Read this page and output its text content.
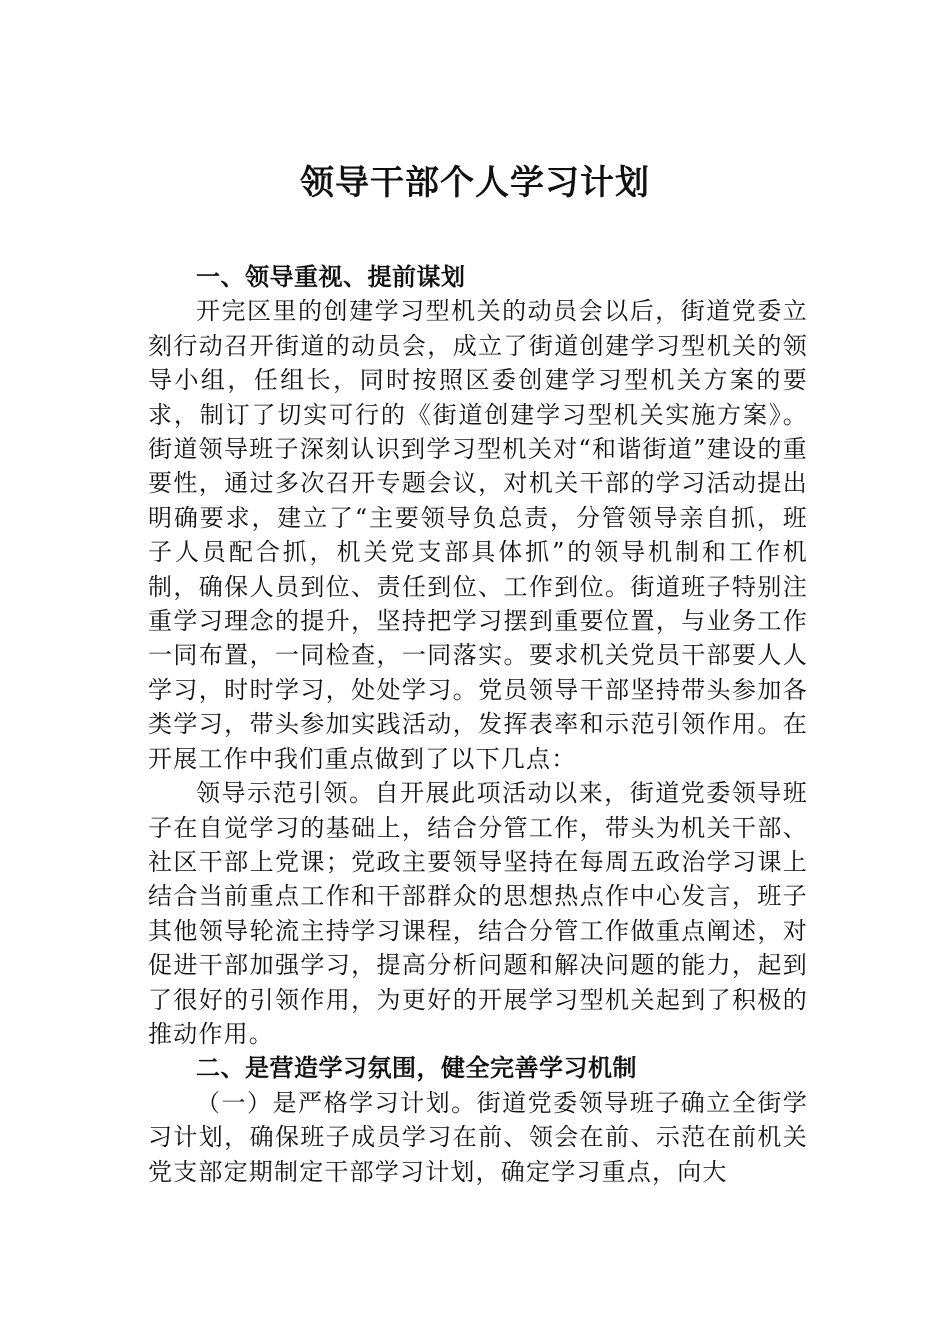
领导干部个人学习计划
一、领导重视、提前谋划

开完区里的创建学习型机关的动员会以后，街道党委立刻行动召开街道的动员会，成立了街道创建学习型机关的领导小组，任组长，同时按照区委创建学习型机关方案的要求，制订了切实可行的《街道创建学习型机关实施方案》。街道领导班子深刻认识到学习型机关对“和谐街道”建设的重要性，通过多次召开专题会议，对机关干部的学习活动提出明确要求，建立了“主要领导负总责，分管领导亲自抓，班子人员配合抓，机关党支部具体抓”的领导机制和工作机制，确保人员到位、责任到位、工作到位。街道班子特别注重学习理念的提升，坚持把学习摆到重要位置，与业务工作一同布置，一同检查，一同落实。要求机关党员干部要人人学习，时时学习，处处学习。党员领导干部坚持带头参加各类学习，带头参加实践活动，发挥表率和示范引领作用。在开展工作中我们重点做到了以下几点：

领导示范引领。自开展此项活动以来，街道党委领导班子在自觉学习的基础上，结合分管工作，带头为机关干部、社区干部上党课；党政主要领导坚持在每周五政治学习课上结合当前重点工作和干部群众的思想热点作中心发言，班子其他领导轮流主持学习课程，结合分管工作做重点阐述，对促进干部加强学习，提高分析问题和解决问题的能力，起到了很好的引领作用，为更好的开展学习型机关起到了积极的推动作用。

二、是营造学习氛围，健全完善学习机制

（一）是严格学习计划。街道党委领导班子确立全街学习计划，确保班子成员学习在前、领会在前、示范在前机关党支部定期制定干部学习计划，确定学习重点，向大
